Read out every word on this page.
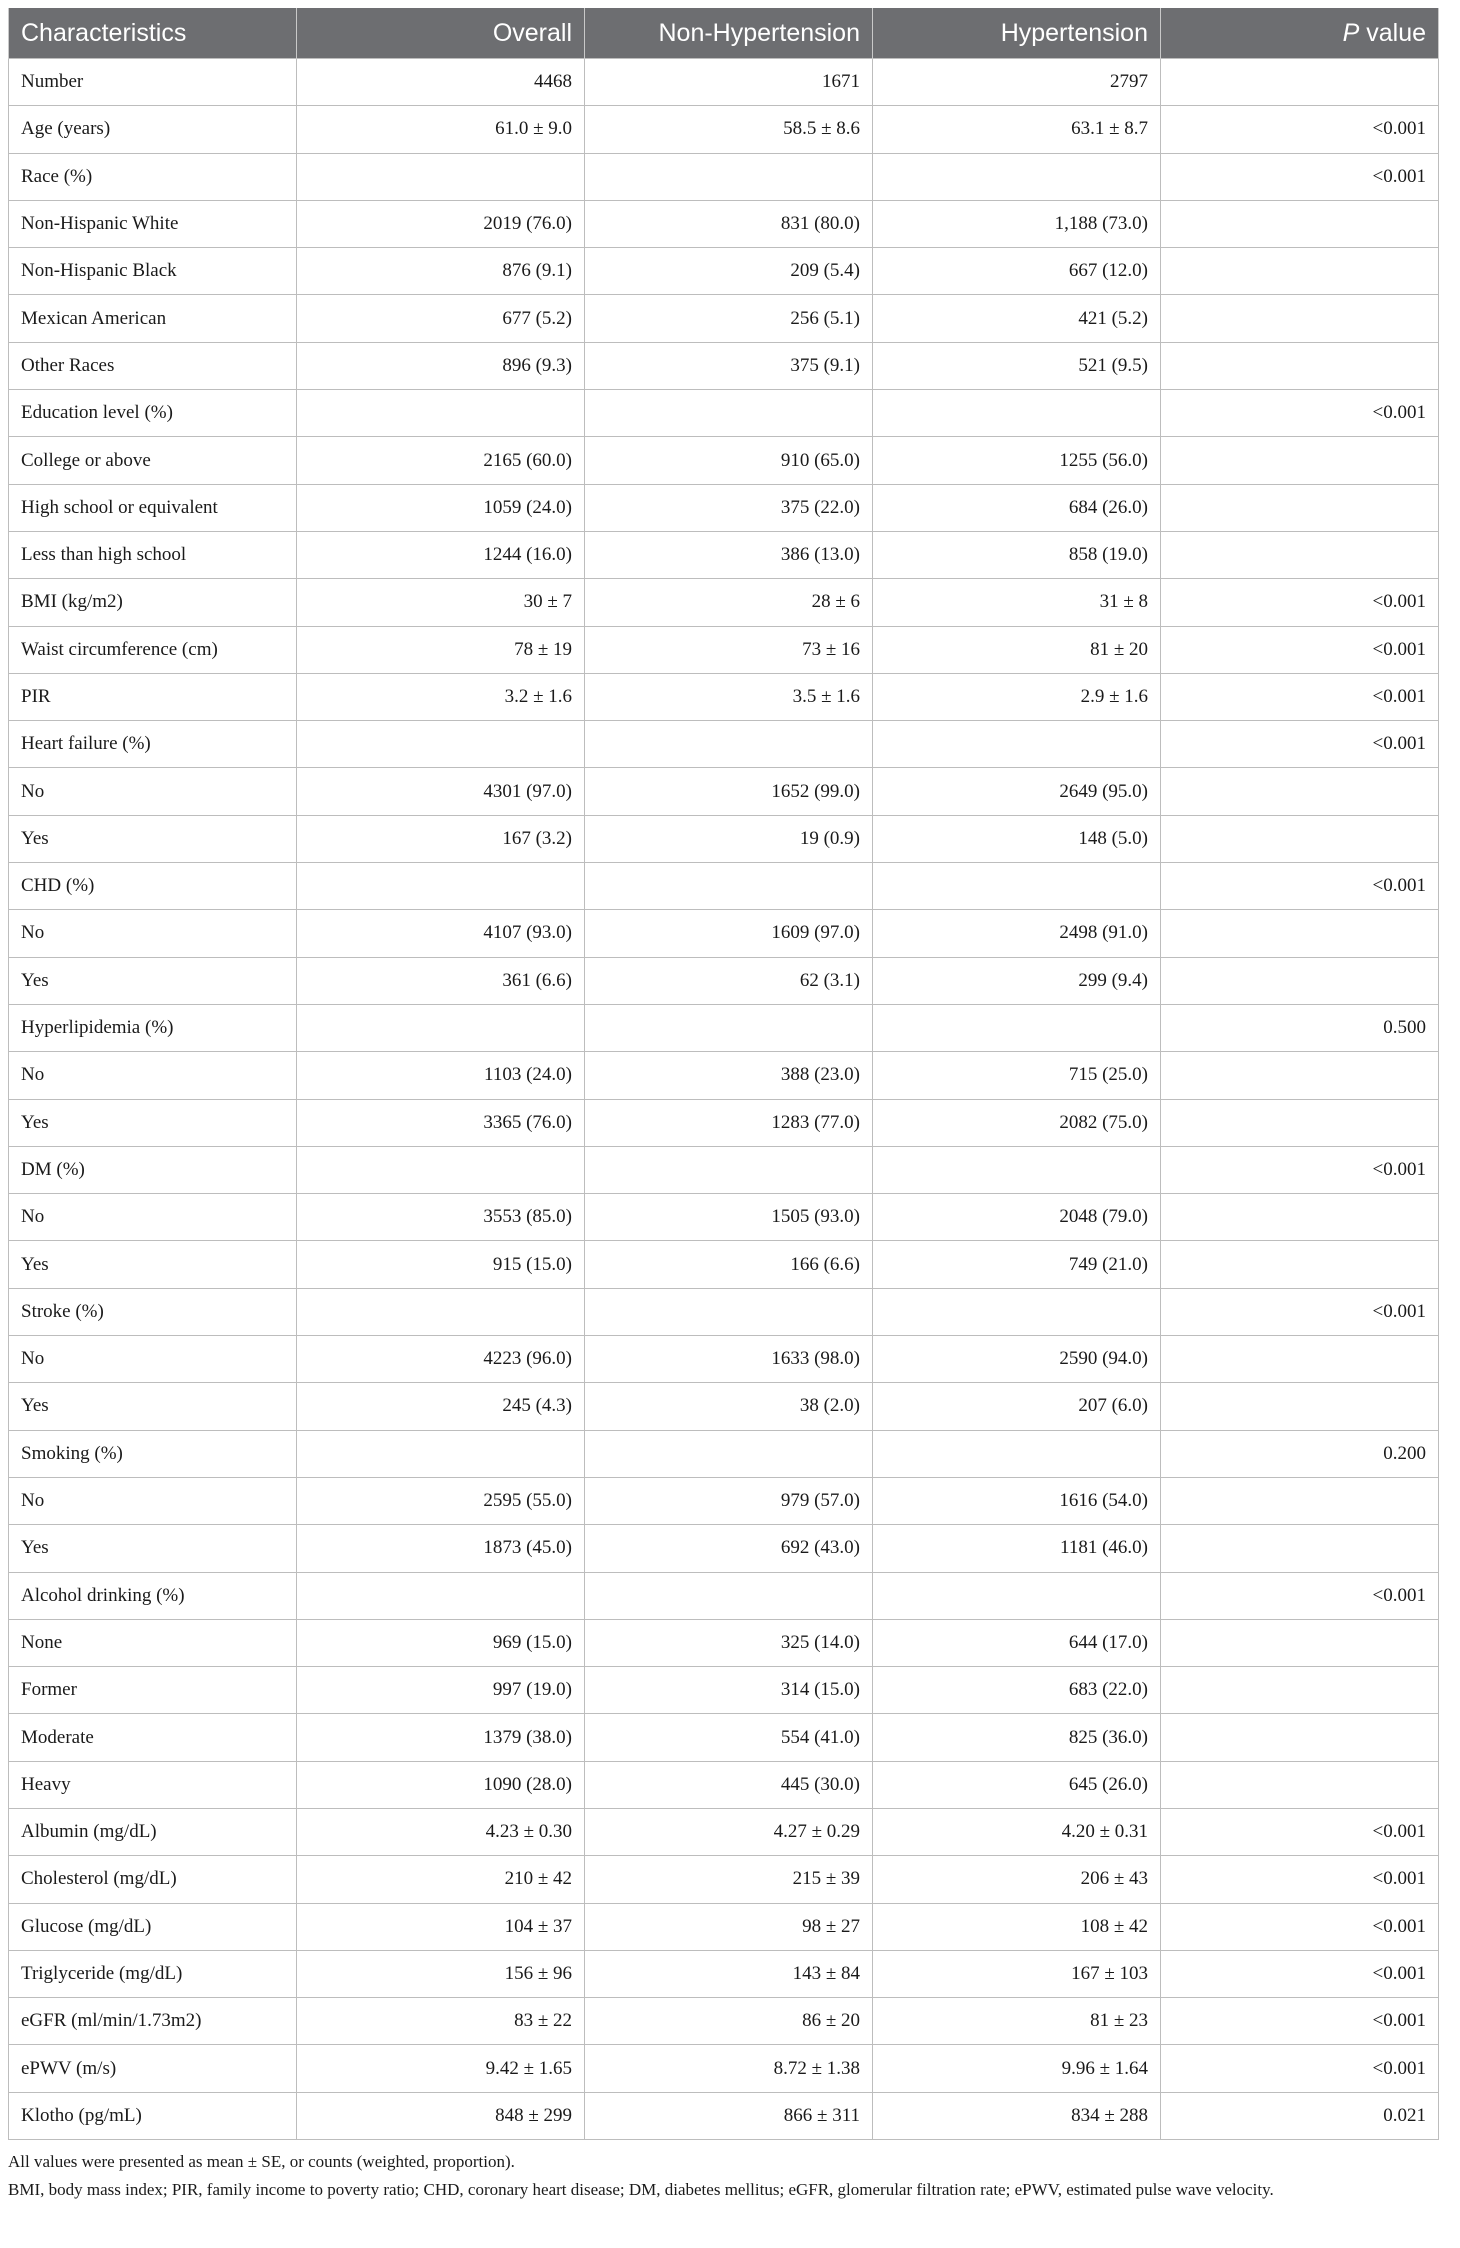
Characteristics	Overall	Non-Hypertension	Hypertension	P value
Number	4468	1671	2797	
Age (years)	61.0 ± 9.0	58.5 ± 8.6	63.1 ± 8.7	<0.001
Race (%)				<0.001
Non-Hispanic White	2019 (76.0)	831 (80.0)	1,188 (73.0)	
Non-Hispanic Black	876 (9.1)	209 (5.4)	667 (12.0)	
Mexican American	677 (5.2)	256 (5.1)	421 (5.2)	
Other Races	896 (9.3)	375 (9.1)	521 (9.5)	
Education level (%)				<0.001
College or above	2165 (60.0)	910 (65.0)	1255 (56.0)	
High school or equivalent	1059 (24.0)	375 (22.0)	684 (26.0)	
Less than high school	1244 (16.0)	386 (13.0)	858 (19.0)	
BMI (kg/m2)	30 ± 7	28 ± 6	31 ± 8	<0.001
Waist circumference (cm)	78 ± 19	73 ± 16	81 ± 20	<0.001
PIR	3.2 ± 1.6	3.5 ± 1.6	2.9 ± 1.6	<0.001
Heart failure (%)				<0.001
No	4301 (97.0)	1652 (99.0)	2649 (95.0)	
Yes	167 (3.2)	19 (0.9)	148 (5.0)	
CHD (%)				<0.001
No	4107 (93.0)	1609 (97.0)	2498 (91.0)	
Yes	361 (6.6)	62 (3.1)	299 (9.4)	
Hyperlipidemia (%)				0.500
No	1103 (24.0)	388 (23.0)	715 (25.0)	
Yes	3365 (76.0)	1283 (77.0)	2082 (75.0)	
DM (%)				<0.001
No	3553 (85.0)	1505 (93.0)	2048 (79.0)	
Yes	915 (15.0)	166 (6.6)	749 (21.0)	
Stroke (%)				<0.001
No	4223 (96.0)	1633 (98.0)	2590 (94.0)	
Yes	245 (4.3)	38 (2.0)	207 (6.0)	
Smoking (%)				0.200
No	2595 (55.0)	979 (57.0)	1616 (54.0)	
Yes	1873 (45.0)	692 (43.0)	1181 (46.0)	
Alcohol drinking (%)				<0.001
None	969 (15.0)	325 (14.0)	644 (17.0)	
Former	997 (19.0)	314 (15.0)	683 (22.0)	
Moderate	1379 (38.0)	554 (41.0)	825 (36.0)	
Heavy	1090 (28.0)	445 (30.0)	645 (26.0)	
Albumin (mg/dL)	4.23 ± 0.30	4.27 ± 0.29	4.20 ± 0.31	<0.001
Cholesterol (mg/dL)	210 ± 42	215 ± 39	206 ± 43	<0.001
Glucose (mg/dL)	104 ± 37	98 ± 27	108 ± 42	<0.001
Triglyceride (mg/dL)	156 ± 96	143 ± 84	167 ± 103	<0.001
eGFR (ml/min/1.73m2)	83 ± 22	86 ± 20	81 ± 23	<0.001
ePWV (m/s)	9.42 ± 1.65	8.72 ± 1.38	9.96 ± 1.64	<0.001
Klotho (pg/mL)	848 ± 299	866 ± 311	834 ± 288	0.021
All values were presented as mean ± SE, or counts (weighted, proportion).
BMI, body mass index; PIR, family income to poverty ratio; CHD, coronary heart disease; DM, diabetes mellitus; eGFR, glomerular filtration rate; ePWV, estimated pulse wave velocity.
